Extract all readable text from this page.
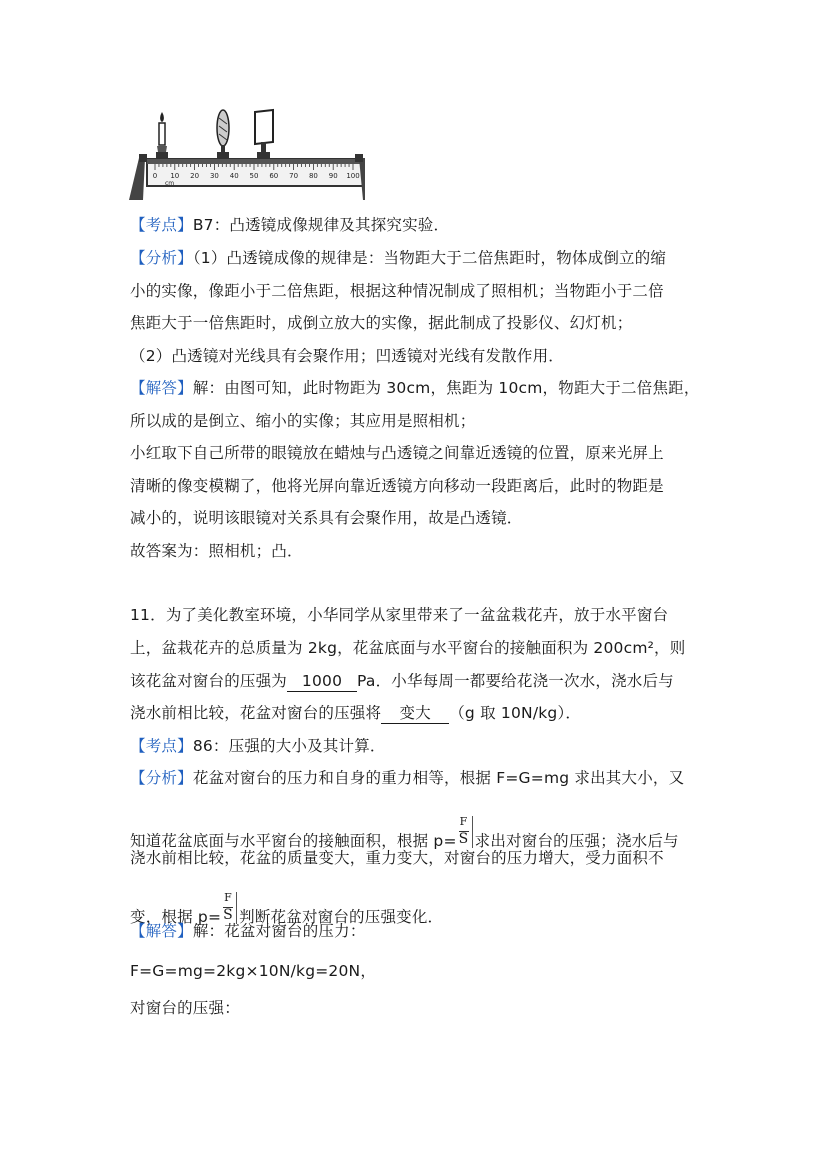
0 10 20 30 40 50 60 70 80 90 100
cm
【考点】B7：凸透镜成像规律及其探究实验．
【分析】（1）凸透镜成像的规律是：当物距大于二倍焦距时，物体成倒立的缩
小的实像，像距小于二倍焦距，根据这种情况制成了照相机；当物距小于二倍
焦距大于一倍焦距时，成倒立放大的实像，据此制成了投影仪、幻灯机；
（2）凸透镜对光线具有会聚作用；凹透镜对光线有发散作用．
【解答】解：由图可知，此时物距为 30cm，焦距为 10cm，物距大于二倍焦距，
所以成的是倒立、缩小的实像；其应用是照相机；
小红取下自己所带的眼镜放在蜡烛与凸透镜之间靠近透镜的位置，原来光屏上
清晰的像变模糊了，他将光屏向靠近透镜方向移动一段距离后，此时的物距是
减小的，说明该眼镜对关系具有会聚作用，故是凸透镜．
故答案为：照相机；凸．
11．为了美化教室环境，小华同学从家里带来了一盆盆栽花卉，放于水平窗台
上，盆栽花卉的总质量为 2kg，花盆底面与水平窗台的接触面积为 200cm²，则
该花盆对窗台的压强为 1000 Pa．小华每周一都要给花浇一次水，浇水后与
浇水前相比较，花盆对窗台的压强将 变大 （g 取 10N/kg）．
【考点】86：压强的大小及其计算．
【分析】花盆对窗台的压力和自身的重力相等，根据 F=G=mg 求出其大小，又
知道花盆底面与水平窗台的接触面积，根据 $p= \frac{F}{S}$ 求出对窗台的压强；浇水后与
浇水前相比较，花盆的质量变大，重力变大，对窗台的压力增大，受力面积不
变，根据 $p= \frac{F}{S}$ 判断花盆对窗台的压强变化．
【解答】解：花盆对窗台的压力：
F=G=mg=2kg×10N/kg=20N，
对窗台的压强：
